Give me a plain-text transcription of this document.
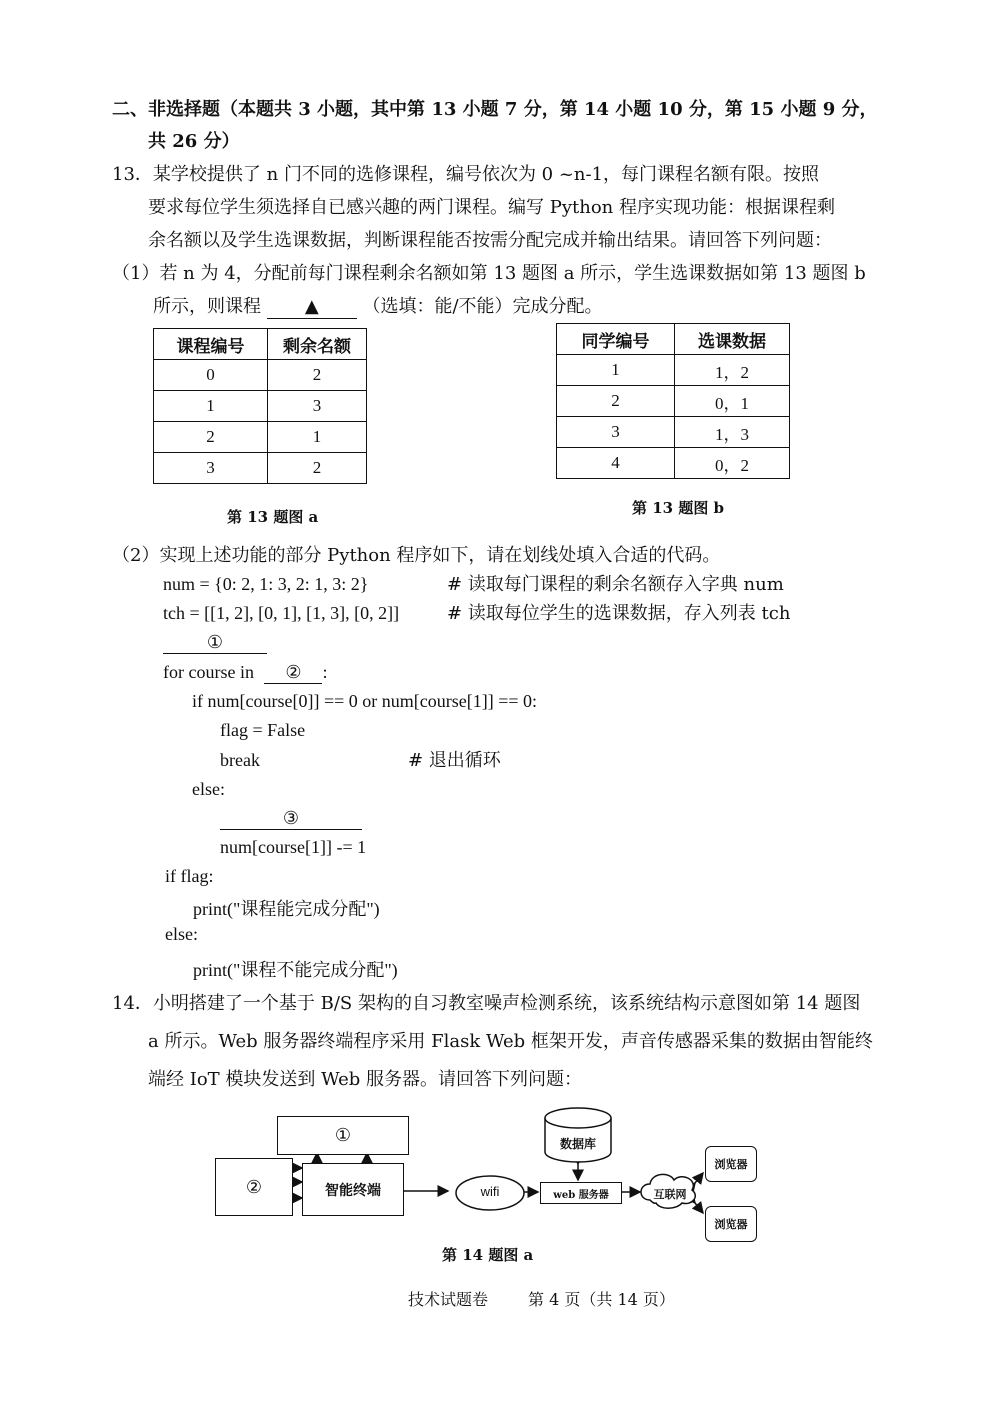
二、非选择题（本题共 3 小题，其中第 13 小题 7 分，第 14 小题 10 分，第 15 小题 9 分，
共 26 分）
13．某学校提供了 n 门不同的选修课程，编号依次为 0 ~n-1，每门课程名额有限。按照
要求每位学生须选择自已感兴趣的两门课程。编写 Python 程序实现功能：根据课程剩
余名额以及学生选课数据，判断课程能否按需分配完成并输出结果。请回答下列问题：
（1）若 n 为 4，分配前每门课程剩余名额如第 13 题图 a 所示，学生选课数据如第 13 题图 b
所示，则课程 ▲ （选填：能/不能）完成分配。
课程编号	剩余名额
0	2
1	3
2	1
3	2
第 13 题图 a
同学编号	选课数据
1	1，2
2	0，1
3	1，3
4	0，2
第 13 题图 b
（2）实现上述功能的部分 Python 程序如下，请在划线处填入合适的代码。
num = {0: 2, 1: 3, 2: 1, 3: 2}	# 读取每门课程的剩余名额存入字典 num
tch = [[1, 2], [0, 1], [1, 3], [0, 2]]	# 读取每位学生的选课数据，存入列表 tch
①
for course in ② :
if num[course[0]] == 0 or num[course[1]] == 0:
flag = False
break	# 退出循环
else:
③
num[course[1]] -= 1
if flag:
print("课程能完成分配")
else:
print("课程不能完成分配")
14．小明搭建了一个基于 B/S 架构的自习教室噪声检测系统，该系统结构示意图如第 14 题图
a 所示。Web 服务器终端程序采用 Flask Web 框架开发，声音传感器采集的数据由智能终
端经 IoT 模块发送到 Web 服务器。请回答下列问题：
①
②	智能终端	wifi
数据库
web 服务器	互联网
浏览器
浏览器
第 14 题图 a
技术试题卷 第 4 页（共 14 页）
